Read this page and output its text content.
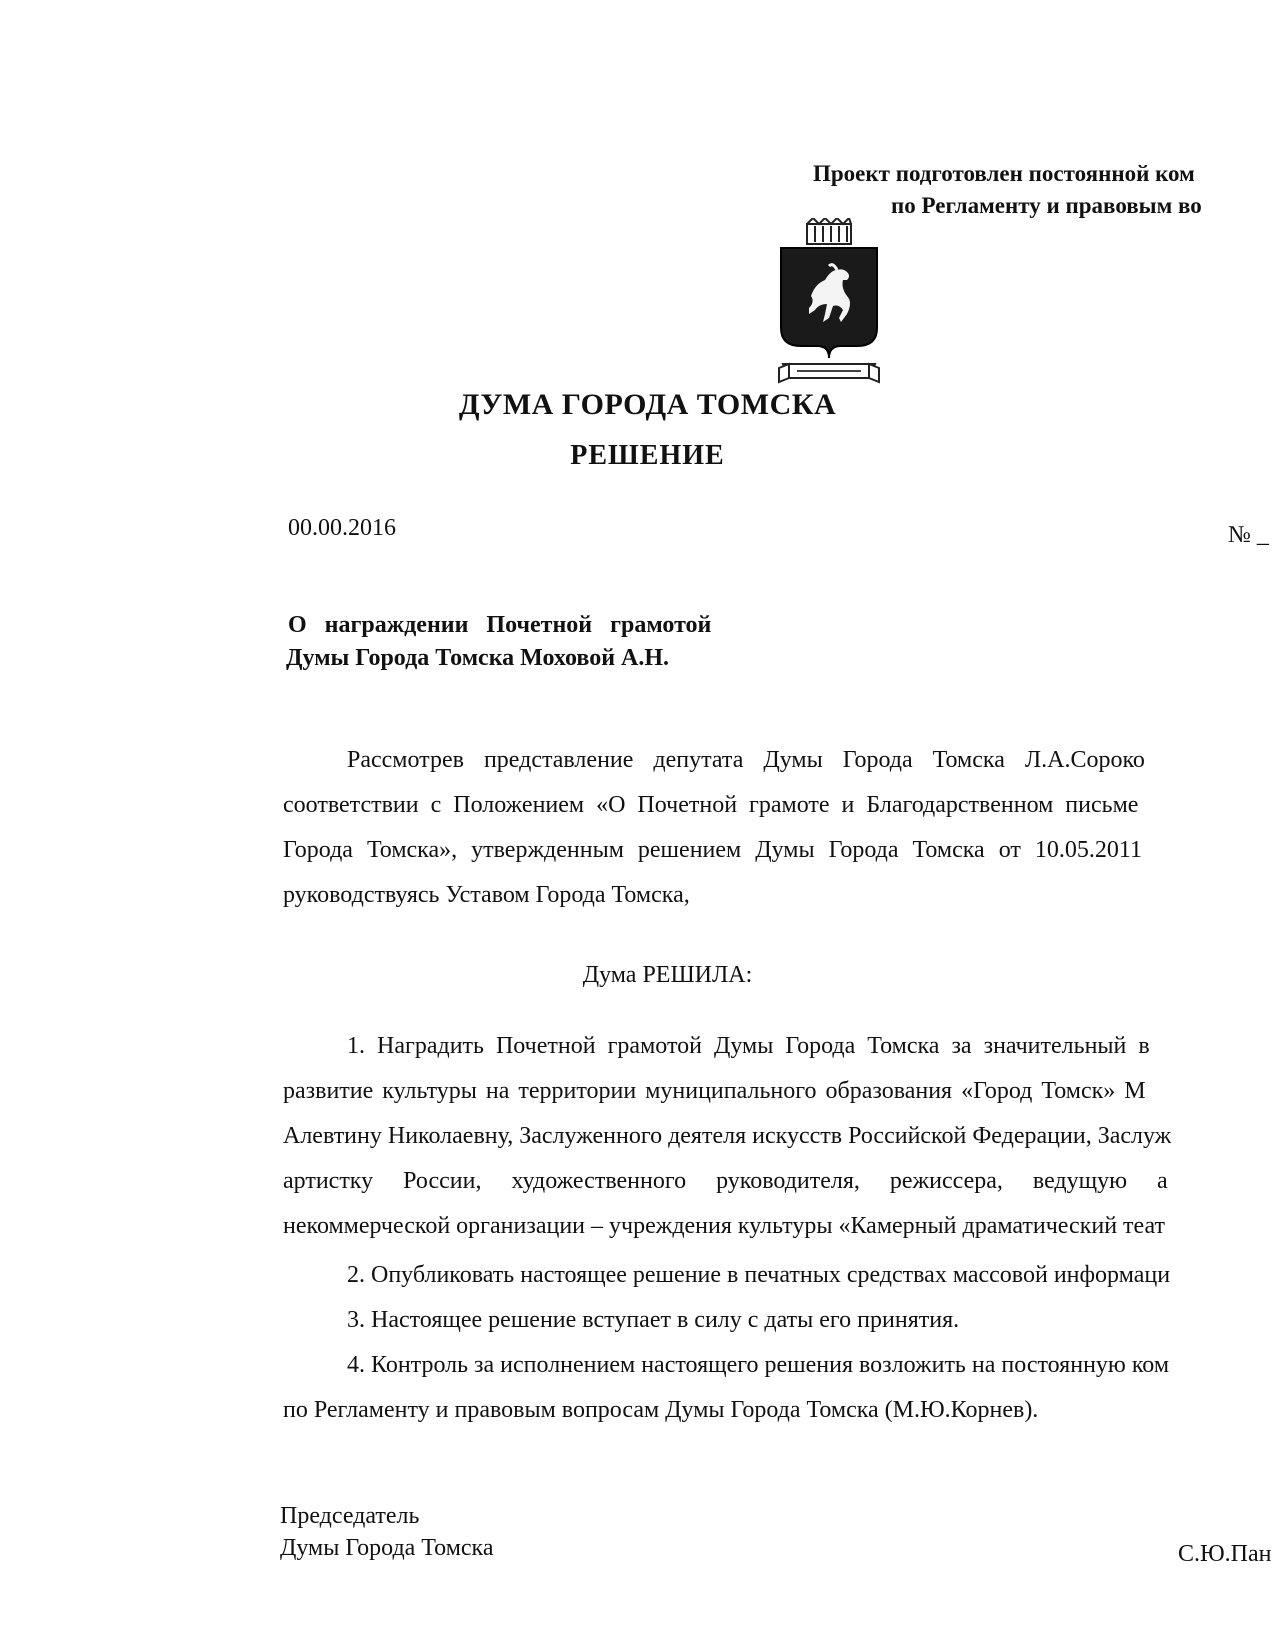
Проект подготовлен постоянной ком
по Регламенту и правовым во
ДУМА ГОРОДА ТОМСКА
РЕШЕНИЕ
00.00.2016	№ _
О награждении Почетной грамотой
Думы Города Томска Моховой А.Н.
Рассмотрев представление депутата Думы Города Томска Л.А.Сороко
соответствии с Положением «О Почетной грамоте и Благодарственном письме
Города Томска», утвержденным решением Думы Города Томска от 10.05.2011
руководствуясь Уставом Города Томска,
Дума РЕШИЛА:
1. Наградить Почетной грамотой Думы Города Томска за значительный в
развитие культуры на территории муниципального образования «Город Томск» М
Алевтину Николаевну, Заслуженного деятеля искусств Российской Федерации, Заслуж
артистку России, художественного руководителя, режиссера, ведущую а
некоммерческой организации – учреждения культуры «Камерный драматический теат
2. Опубликовать настоящее решение в печатных средствах массовой информаци
3. Настоящее решение вступает в силу с даты его принятия.
4. Контроль за исполнением настоящего решения возложить на постоянную ком
по Регламенту и правовым вопросам Думы Города Томска (М.Ю.Корнев).
Председатель
Думы Города Томска	С.Ю.Пан
